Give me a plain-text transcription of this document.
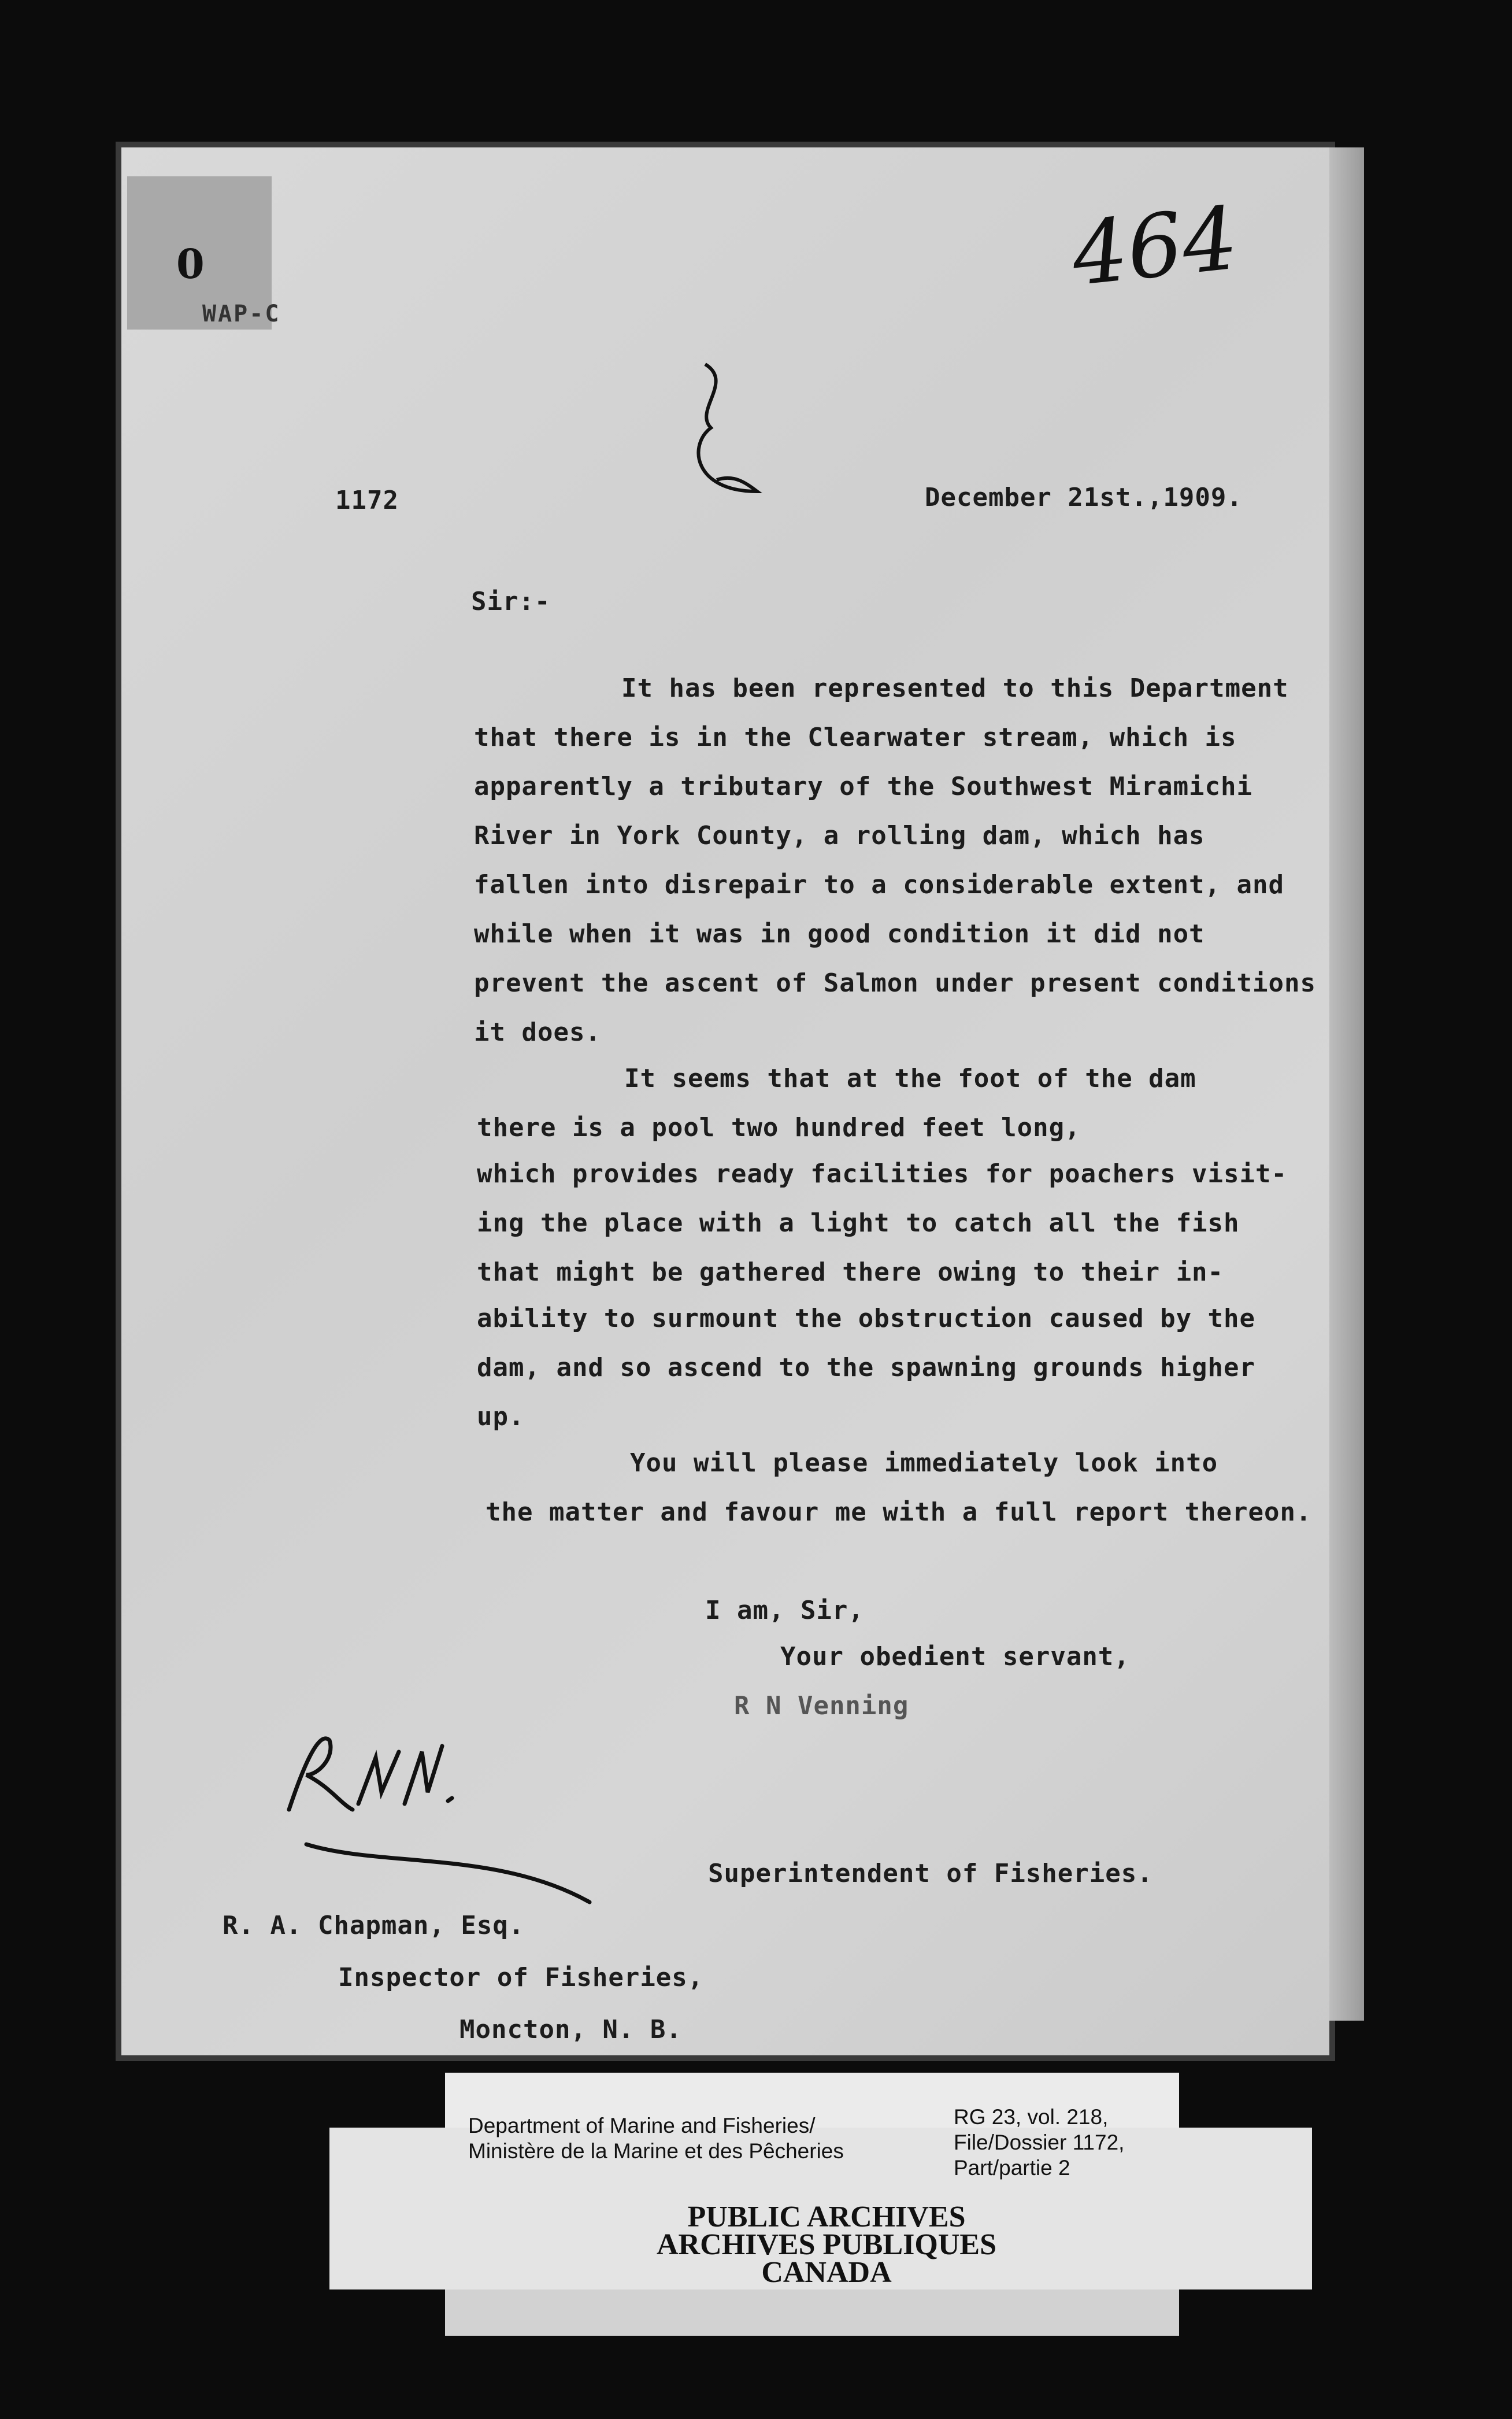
0
WAP-C
464
1172	December 21st.,1909.
Sir:-
It has been represented to this Department
that there is in the Clearwater stream, which is
apparently a tributary of the Southwest Miramichi
River in York County, a rolling dam, which has
fallen into disrepair to a considerable extent, and
while when it was in good condition it did not
prevent the ascent of Salmon under present conditions
it does.
It seems that at the foot of the dam
there is a pool two hundred feet long,
which provides ready facilities for poachers visit-
ing the place with a light to catch all the fish
that might be gathered there owing to their in-
ability to surmount the obstruction caused by the
dam, and so ascend to the spawning grounds higher
up.
You will please immediately look into
the matter and favour me with a full report thereon.
I am, Sir,
Your obedient servant,
R N Venning
RNV.
Superintendent of Fisheries.
R. A. Chapman, Esq.
Inspector of Fisheries,
Moncton, N. B.
Department of Marine and Fisheries/
Ministère de la Marine et des Pêcheries
RG 23, vol. 218,
File/Dossier 1172,
Part/partie 2
PUBLIC ARCHIVES
ARCHIVES PUBLIQUES
CANADA
